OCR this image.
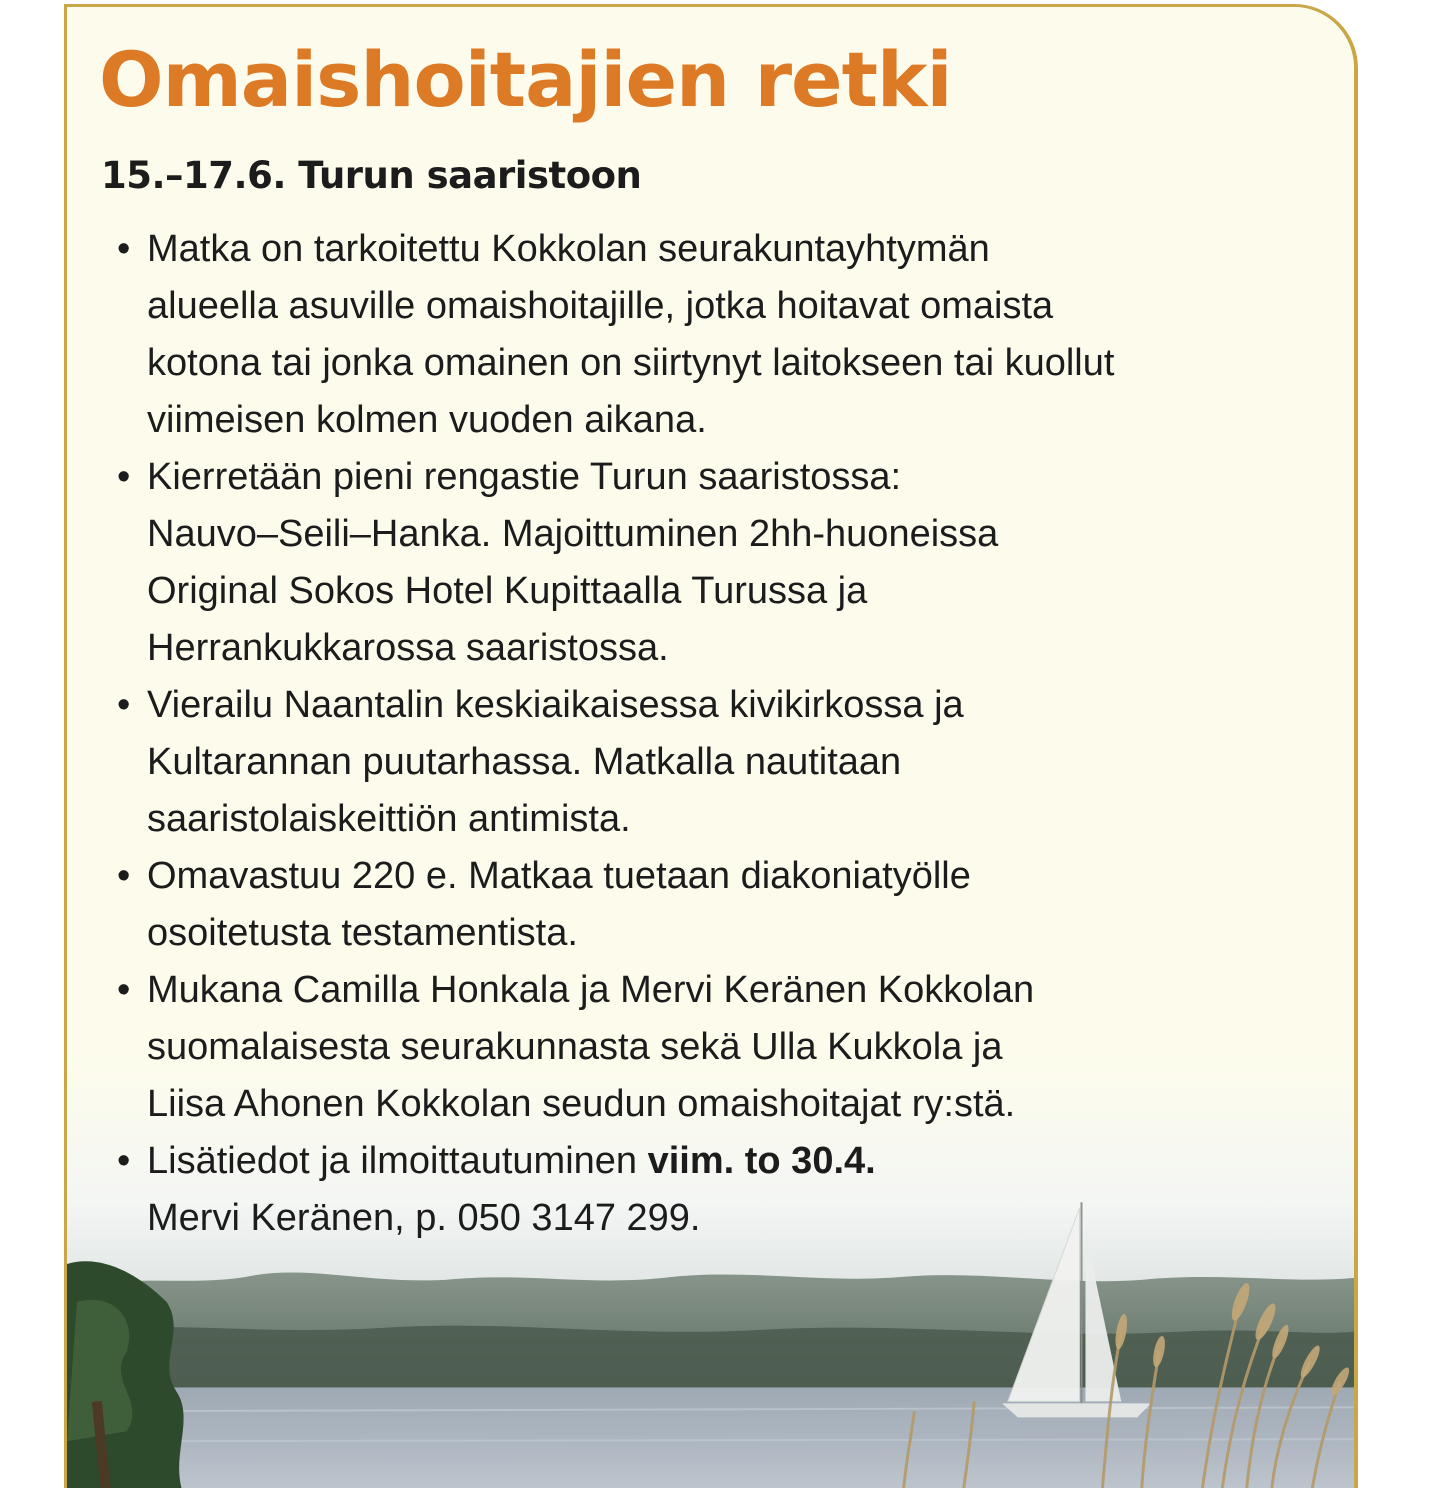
Omaishoitajien retki
15.–17.6. Turun saaristoon
• Matka on tarkoitettu Kokkolan seurakuntayhtymän
alueella asuville omaishoitajille, jotka hoitavat omaista
kotona tai jonka omainen on siirtynyt laitokseen tai kuollut
viimeisen kolmen vuoden aikana.
• Kierretään pieni rengastie Turun saaristossa:
Nauvo–Seili–Hanka. Majoittuminen 2hh-huoneissa
Original Sokos Hotel Kupittaalla Turussa ja
Herrankukkarossa saaristossa.
• Vierailu Naantalin keskiaikaisessa kivikirkossa ja
Kultarannan puutarhassa. Matkalla nautitaan
saaristolaiskeittiön antimista.
• Omavastuu 220 e. Matkaa tuetaan diakoniatyölle
osoitetusta testamentista.
• Mukana Camilla Honkala ja Mervi Keränen Kokkolan
suomalaisesta seurakunnasta sekä Ulla Kukkola ja
Liisa Ahonen Kokkolan seudun omaishoitajat ry:stä.
• Lisätiedot ja ilmoittautuminen viim. to 30.4.
Mervi Keränen, p. 050 3147 299.
